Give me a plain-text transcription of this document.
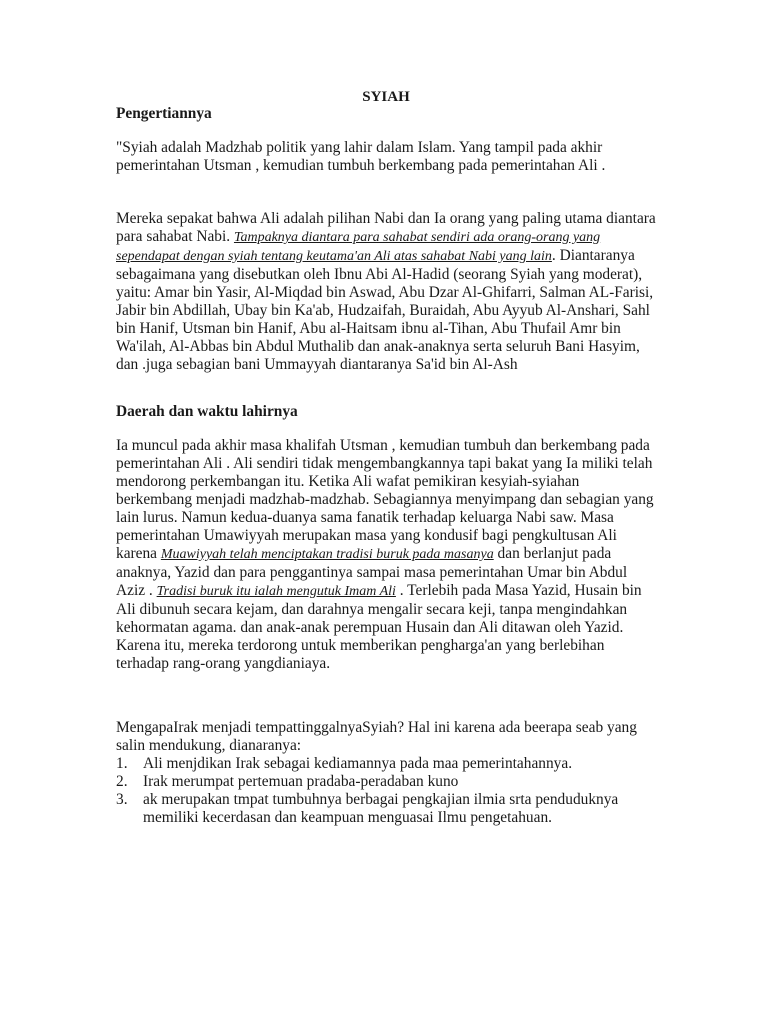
SYIAH
Pengertiannya

"Syiah adalah Madzhab politik yang lahir dalam Islam. Yang tampil pada akhir pemerintahan Utsman , kemudian tumbuh berkembang pada pemerintahan Ali .

Mereka sepakat bahwa Ali adalah pilihan Nabi dan Ia orang yang paling utama diantara para sahabat Nabi. Tampaknya diantara para sahabat sendiri ada orang-orang yang sependapat dengan syiah tentang keutama'an Ali atas sahabat Nabi yang lain. Diantaranya sebagaimana yang disebutkan oleh Ibnu Abi Al-Hadid (seorang Syiah yang moderat), yaitu: Amar bin Yasir, Al-Miqdad bin Aswad, Abu Dzar Al-Ghifarri, Salman AL-Farisi, Jabir bin Abdillah, Ubay bin Ka'ab, Hudzaifah, Buraidah, Abu Ayyub Al-Anshari, Sahl bin Hanif, Utsman bin Hanif, Abu al-Haitsam ibnu al-Tihan, Abu Thufail Amr bin Wa'ilah, Al-Abbas bin Abdul Muthalib dan anak-anaknya serta seluruh Bani Hasyim, dan .juga sebagian bani Ummayyah diantaranya Sa'id bin Al-Ash

Daerah dan waktu lahirnya

Ia muncul pada akhir masa khalifah Utsman , kemudian tumbuh dan berkembang pada pemerintahan Ali . Ali sendiri tidak mengembangkannya tapi bakat yang Ia miliki telah mendorong perkembangan itu. Ketika Ali wafat pemikiran kesyiah-syiahan berkembang menjadi madzhab-madzhab. Sebagiannya menyimpang dan sebagian yang lain lurus. Namun kedua-duanya sama fanatik terhadap keluarga Nabi saw. Masa pemerintahan Umawiyyah merupakan masa yang kondusif bagi pengkultusan Ali karena Muawiyyah telah menciptakan tradisi buruk pada masanya dan berlanjut pada anaknya, Yazid dan para penggantinya sampai masa pemerintahan Umar bin Abdul Aziz . Tradisi buruk itu ialah mengutuk Imam Ali . Terlebih pada Masa Yazid, Husain bin Ali dibunuh secara kejam, dan darahnya mengalir secara keji, tanpa mengindahkan kehormatan agama. dan anak-anak perempuan Husain dan Ali ditawan oleh Yazid. Karena itu, mereka terdorong untuk memberikan pengharga'an yang berlebihan terhadap rang-orang yangdianiaya.

MengapaIrak menjadi tempattinggalnyaSyiah? Hal ini karena ada beerapa seab yang salin mendukung, dianaranya:

1. Ali menjdikan Irak sebagai kediamannya pada maa pemerintahannya.
2. Irak merumpat pertemuan pradaba-peradaban kuno
3. ak merupakan tmpat tumbuhnya berbagai pengkajian ilmia srta penduduknya memiliki kecerdasan dan keampuan menguasai Ilmu pengetahuan.
